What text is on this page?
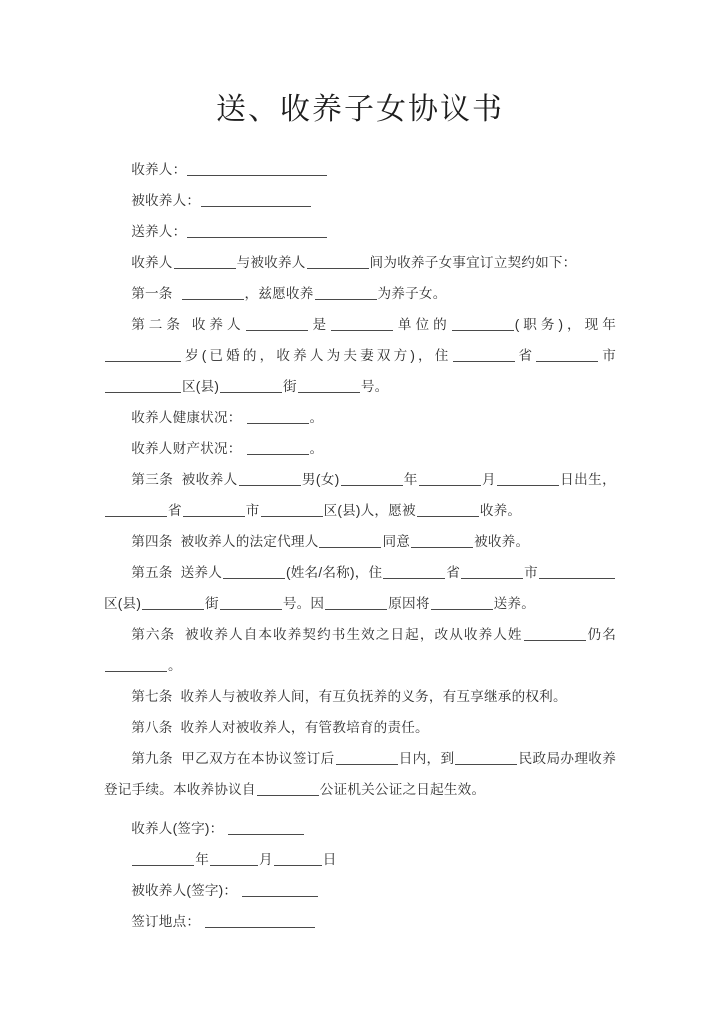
送、收养子女协议书

收养人：

被收养人：

送养人：

收养人	与被收养人	间为收养子女事宜订立契约如下：

第一条	，兹愿收养	为养子女。

第二条 收养人	是	单位的	(职务)，现年岁(已婚的，收养人为夫妻双方)，住	省	市区(县)	街	号。

收养人健康状况：	。

收养人财产状况：	。

第三条 被收养人	男(女)	年	月	日出生，省	市	区(县)人，愿被	收养。

第四条 被收养人的法定代理人	同意	被收养。

第五条 送养人	(姓名/名称)，住	省	市区(县)	街	号。因	原因将	送养。

第六条 被收养人自本收养契约书生效之日起，改从收养人姓	仍名。

第七条 收养人与被收养人间，有互负抚养的义务，有互享继承的权利。

第八条 收养人对被收养人，有管教培育的责任。

第九条 甲乙双方在本协议签订后	日内，到	民政局办理收养登记手续。本收养协议自	公证机关公证之日起生效。

收养人(签字)：

年	月	日

被收养人(签字)：

签订地点：
